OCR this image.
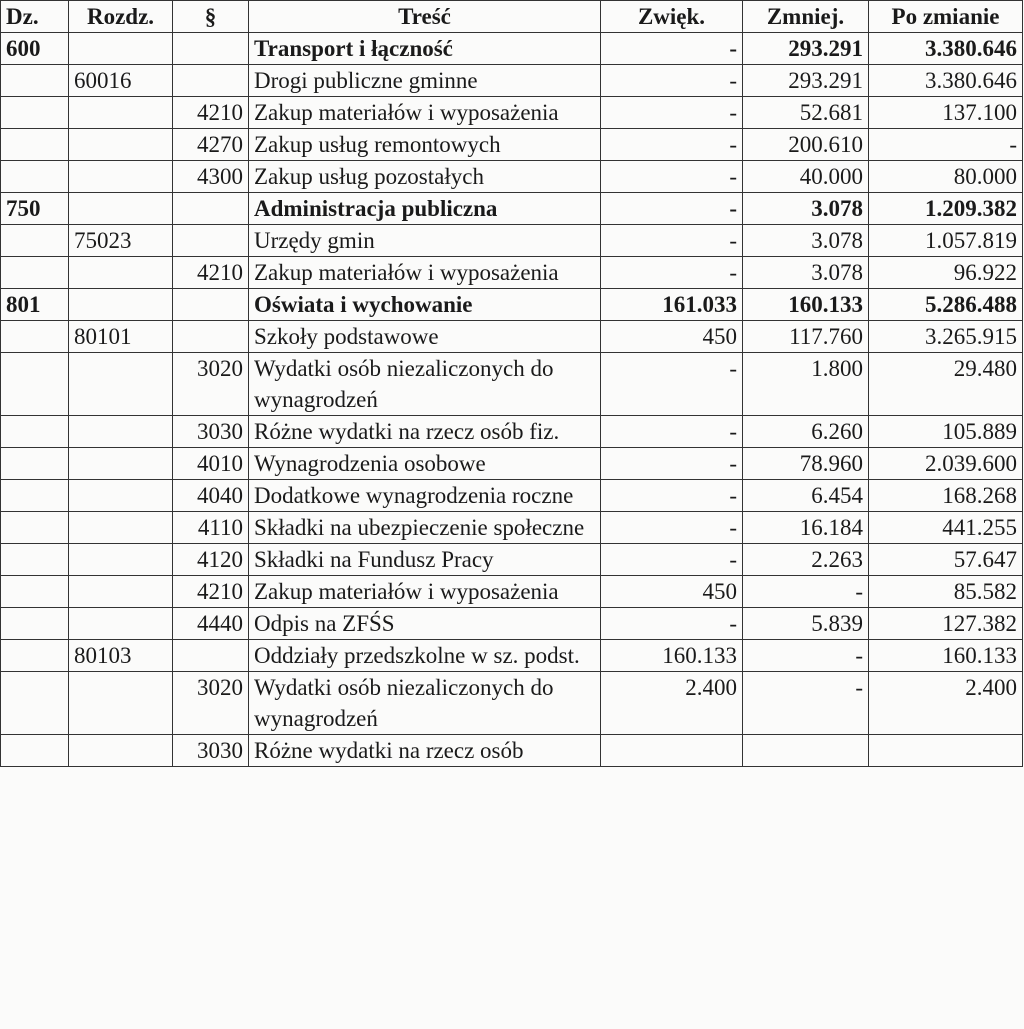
Dz.	Rozdz.	§	Treść	Zwięk.	Zmniej.	Po zmianie
600			Transport i łączność	-	293.291	3.380.646
	60016		Drogi publiczne gminne	-	293.291	3.380.646
		4210	Zakup materiałów i wyposażenia	-	52.681	137.100
		4270	Zakup usług remontowych	-	200.610	-
		4300	Zakup usług pozostałych	-	40.000	80.000
750			Administracja publiczna	-	3.078	1.209.382
	75023		Urzędy gmin	-	3.078	1.057.819
		4210	Zakup materiałów i wyposażenia	-	3.078	96.922
801			Oświata i wychowanie	161.033	160.133	5.286.488
	80101		Szkoły podstawowe	450	117.760	3.265.915
		3020	Wydatki osób niezaliczonych do wynagrodzeń	-	1.800	29.480
		3030	Różne wydatki na rzecz osób fiz.	-	6.260	105.889
		4010	Wynagrodzenia osobowe	-	78.960	2.039.600
		4040	Dodatkowe wynagrodzenia roczne	-	6.454	168.268
		4110	Składki na ubezpieczenie społeczne	-	16.184	441.255
		4120	Składki na Fundusz Pracy	-	2.263	57.647
		4210	Zakup materiałów i wyposażenia	450	-	85.582
		4440	Odpis na ZFŚS	-	5.839	127.382
	80103		Oddziały przedszkolne w sz. podst.	160.133	-	160.133
		3020	Wydatki osób niezaliczonych do wynagrodzeń	2.400	-	2.400
		3030	Różne wydatki na rzecz osób			
